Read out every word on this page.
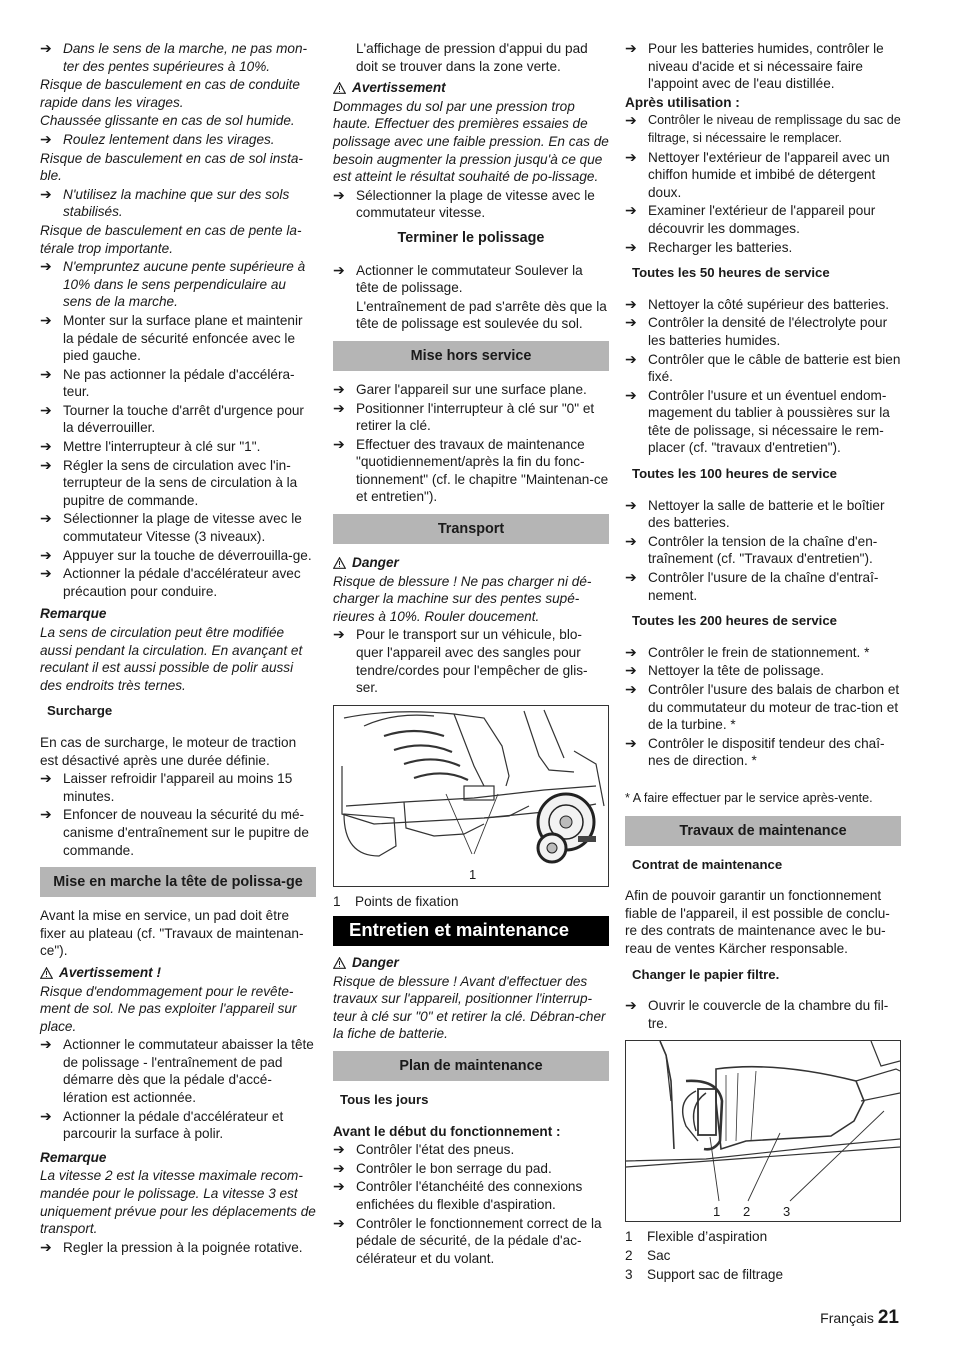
➔ Dans le sens de la marche, ne pas mon-ter des pentes supérieures à 10%.
Risque de basculement en cas de conduite rapide dans les virages.
Chaussée glissante en cas de sol humide.
➔ Roulez lentement dans les virages.
Risque de basculement en cas de sol insta-ble.
➔ N'utilisez la machine que sur des sols stabilisés.
Risque de basculement en cas de pente la-térale trop importante.
➔ N'empruntez aucune pente supérieure à 10% dans le sens perpendiculaire au sens de la marche.
➔ Monter sur la surface plane et maintenir la pédale de sécurité enfoncée avec le pied gauche.
➔ Ne pas actionner la pédale d'accéléra-teur.
➔ Tourner la touche d'arrêt d'urgence pour la déverrouiller.
➔ Mettre l'interrupteur à clé sur "1".
➔ Régler la sens de circulation avec l'in-terrupteur de la sens de circulation à la pupitre de commande.
➔ Sélectionner la plage de vitesse avec le commutateur Vitesse (3 niveaux).
➔ Appuyer sur la touche de déverrouilla-ge.
➔ Actionner la pédale d'accélérateur avec précaution pour conduire.

Remarque

La sens de circulation peut être modifiée aussi pendant la circulation. En avançant et reculant il est aussi possible de polir aussi des endroits très ternes.

Surcharge

En cas de surcharge, le moteur de traction est désactivé après une durée définie.

➔ Laisser refroidir l'appareil au moins 15 minutes.
➔ Enfoncer de nouveau la sécurité du mé-canisme d'entraînement sur le pupitre de commande.
Mise en marche la tête de polissa-ge

Avant la mise en service, un pad doit être fixer au plateau (cf. "Travaux de maintenan-ce").

Avertissement !

Risque d'endommagement pour le revête-ment de sol. Ne pas exploiter l'appareil sur place.

➔ Actionner le commutateur abaisser la tête de polissage - l'entraînement de pad démarre dès que la pédale d'accé-lération est actionnée.
➔ Actionner la pédale d'accélérateur et parcourir la surface à polir.

Remarque

La vitesse 2 est la vitesse maximale recom-mandée pour le polissage. La vitesse 3 est uniquement prévue pour les déplacements de transport.

➔ Regler la pression à la poignée rotative.
L'affichage de pression d'appui du pad doit se trouver dans la zone verte.
Avertissement

Dommages du sol par une pression trop haute. Effectuer des premières essaies de polissage avec une faible pression. En cas de besoin augmenter la pression jusqu'à ce que est atteint le résultat souhaité de po-lissage.

➔ Sélectionner la plage de vitesse avec le commutateur vitesse.
Terminer le polissage
➔ Actionner le commutateur Soulever la tête de polissage.
L'entraînement de pad s'arrête dès que la tête de polissage est soulevée du sol.
Mise hors service
➔ Garer l'appareil sur une surface plane.
➔ Positionner l'interrupteur à clé sur "0" et retirer la clé.
➔ Effectuer des travaux de maintenance "quotidiennement/après la fin du fonc-tionnement" (cf. le chapitre "Maintenan-ce et entretien").
Transport
Danger

Risque de blessure ! Ne pas charger ni dé-charger la machine sur des pentes supé-rieures à 10%. Rouler doucement.

➔ Pour le transport sur un véhicule, blo-quer l'appareil avec des sangles pour tendre/cordes pour l'empêcher de glis-ser.
1
1	Points de fixation
Entretien et maintenance
Danger

Risque de blessure ! Avant d'effectuer des travaux sur l'appareil, positionner l'interrup-teur à clé sur "0" et retirer la clé. Débran-cher la fiche de batterie.

Plan de maintenance
Tous les jours

Avant le début du fonctionnement :

➔ Contrôler l'état des pneus.
➔ Contrôler le bon serrage du pad.
➔ Contrôler l'étanchéité des connexions enfichées du flexible d'aspiration.
➔ Contrôler le fonctionnement correct de la pédale de sécurité, de la pédale d'ac-célérateur et du volant.
➔ Pour les batteries humides, contrôler le niveau d'acide et si nécessaire faire l'appoint avec de l'eau distillée.

Après utilisation :

➔ Contrôler le niveau de remplissage du sac de filtrage, si nécessaire le remplacer.
➔ Nettoyer l'extérieur de l'appareil avec un chiffon humide et imbibé de détergent doux.
➔ Examiner l'extérieur de l'appareil pour découvrir les dommages.
➔ Recharger les batteries.
Toutes les 50 heures de service
➔ Nettoyer la côté supérieur des batteries.
➔ Contrôler la densité de l'électrolyte pour les batteries humides.
➔ Contrôler que le câble de batterie est bien fixé.
➔ Contrôler l'usure et un éventuel endom-magement du tablier à poussières sur la tête de polissage, si nécessaire le rem-placer (cf. "travaux d'entretien").
Toutes les 100 heures de service
➔ Nettoyer la salle de batterie et le boîtier des batteries.
➔ Contrôler la tension de la chaîne d'en-traînement (cf. "Travaux d'entretien").
➔ Contrôler l'usure de la chaîne d'entraî-nement.
Toutes les 200 heures de service
➔ Contrôler le frein de stationnement. *
➔ Nettoyer la tête de polissage.
➔ Contrôler l'usure des balais de charbon et du commutateur du moteur de trac-tion et de la turbine. *
➔ Contrôler le dispositif tendeur des chaî-nes de direction. *

* A faire effectuer par le service après-vente.

Travaux de maintenance
Contrat de maintenance

Afin de pouvoir garantir un fonctionnement fiable de l'appareil, il est possible de conclu-re des contrats de maintenance avec le bu-reau de ventes Kärcher responsable.

Changer le papier filtre.
➔ Ouvrir le couvercle de la chambre du fil-tre.
1 2	3
1	Flexible d’aspiration
2	Sac
3	Support sac de filtrage
Français 21
